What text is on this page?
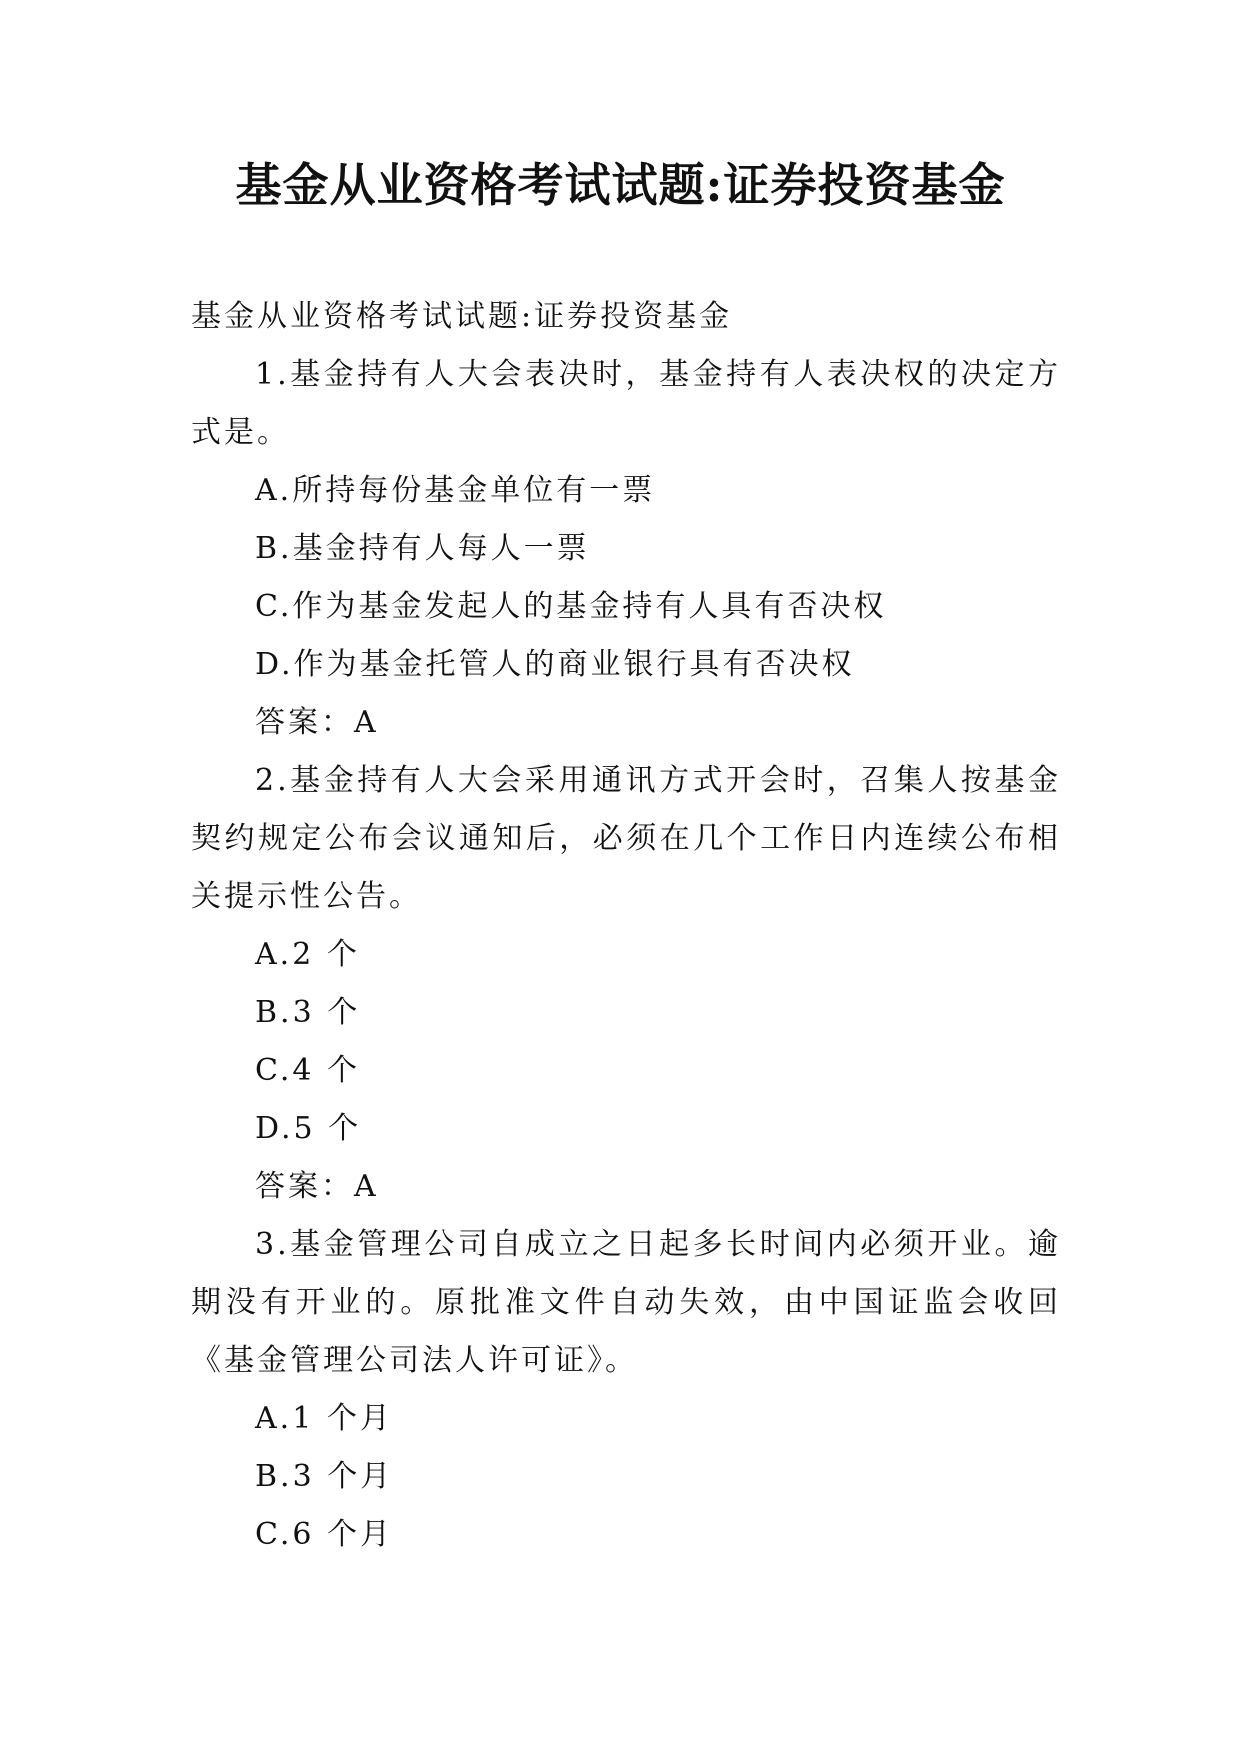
基金从业资格考试试题:证券投资基金

基金从业资格考试试题:证券投资基金

1.基金持有人大会表决时，基金持有人表决权的决定方式是。

A.所持每份基金单位有一票

B.基金持有人每人一票

C.作为基金发起人的基金持有人具有否决权

D.作为基金托管人的商业银行具有否决权

答案：A

2.基金持有人大会采用通讯方式开会时，召集人按基金契约规定公布会议通知后，必须在几个工作日内连续公布相关提示性公告。

A.2 个

B.3 个

C.4 个

D.5 个

答案：A

3.基金管理公司自成立之日起多长时间内必须开业。逾期没有开业的。原批准文件自动失效，由中国证监会收回《基金管理公司法人许可证》。

A.1 个月

B.3 个月

C.6 个月
